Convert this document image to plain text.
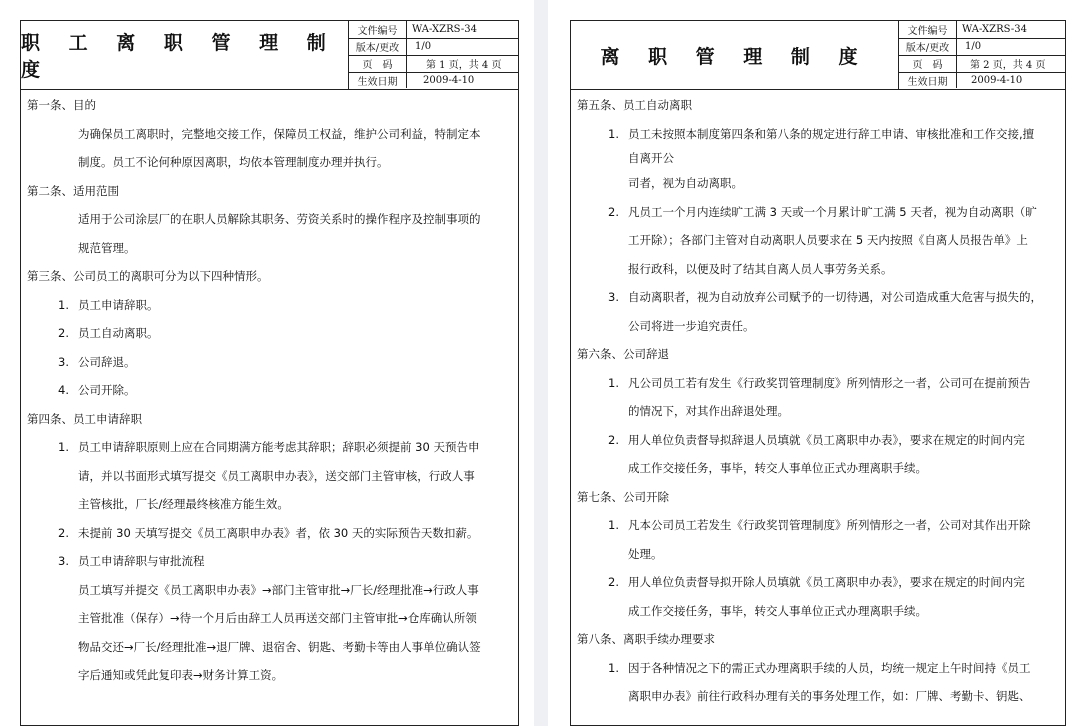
职 工 离 职 管 理 制 度
文件编号	WA-XZRS-34
版本/更改	1/0
页　码	第 1 页，共 4 页
生效日期	2009-4-10
第一条、目的
为确保员工离职时，完整地交接工作，保障员工权益，维护公司利益，特制定本
制度。员工不论何种原因离职，均依本管理制度办理并执行。
第二条、适用范围
适用于公司涂层厂的在职人员解除其职务、劳资关系时的操作程序及控制事项的
规范管理。
第三条、公司员工的离职可分为以下四种情形。
1. 员工申请辞职。
2. 员工自动离职。
3. 公司辞退。
4. 公司开除。
第四条、员工申请辞职
1. 员工申请辞职原则上应在合同期满方能考虑其辞职；辞职必须提前 30 天预告申
请，并以书面形式填写提交《员工离职申办表》，送交部门主管审核，行政人事
主管核批，厂长/经理最终核准方能生效。
2. 未提前 30 天填写提交《员工离职申办表》者，依 30 天的实际预告天数扣薪。
3. 员工申请辞职与审批流程
员工填写并提交《员工离职申办表》→部门主管审批→厂长/经理批准→行政人事
主管批准（保存）→待一个月后由辞工人员再送交部门主管审批→仓库确认所领
物品交还→厂长/经理批准→退厂牌、退宿舍、钥匙、考勤卡等由人事单位确认签
字后通知或凭此复印表→财务计算工资。
离 职 管 理 制 度
文件编号	WA-XZRS-34
版本/更改	1/0
页　码	第 2 页，共 4 页
生效日期	2009-4-10
第五条、员工自动离职
1. 员工未按照本制度第四条和第八条的规定进行辞工申请、审核批准和工作交接,擅
自离开公
司者，视为自动离职。
2. 凡员工一个月内连续旷工满 3 天或一个月累计旷工满 5 天者，视为自动离职（旷
工开除）；各部门主管对自动离职人员要求在 5 天内按照《自离人员报告单》上
报行政科，以便及时了结其自离人员人事劳务关系。
3. 自动离职者，视为自动放弃公司赋予的一切待遇，对公司造成重大危害与损失的，
公司将进一步追究责任。
第六条、公司辞退
1. 凡公司员工若有发生《行政奖罚管理制度》所列情形之一者，公司可在提前预告
的情况下，对其作出辞退处理。
2. 用人单位负责督导拟辞退人员填就《员工离职申办表》，要求在规定的时间内完
成工作交接任务，事毕，转交人事单位正式办理离职手续。
第七条、公司开除
1. 凡本公司员工若发生《行政奖罚管理制度》所列情形之一者，公司对其作出开除
处理。
2. 用人单位负责督导拟开除人员填就《员工离职申办表》，要求在规定的时间内完
成工作交接任务，事毕，转交人事单位正式办理离职手续。
第八条、离职手续办理要求
1. 因于各种情况之下的需正式办理离职手续的人员，均统一规定上午时间持《员工
离职申办表》前往行政科办理有关的事务处理工作，如：厂牌、考勤卡、钥匙、
